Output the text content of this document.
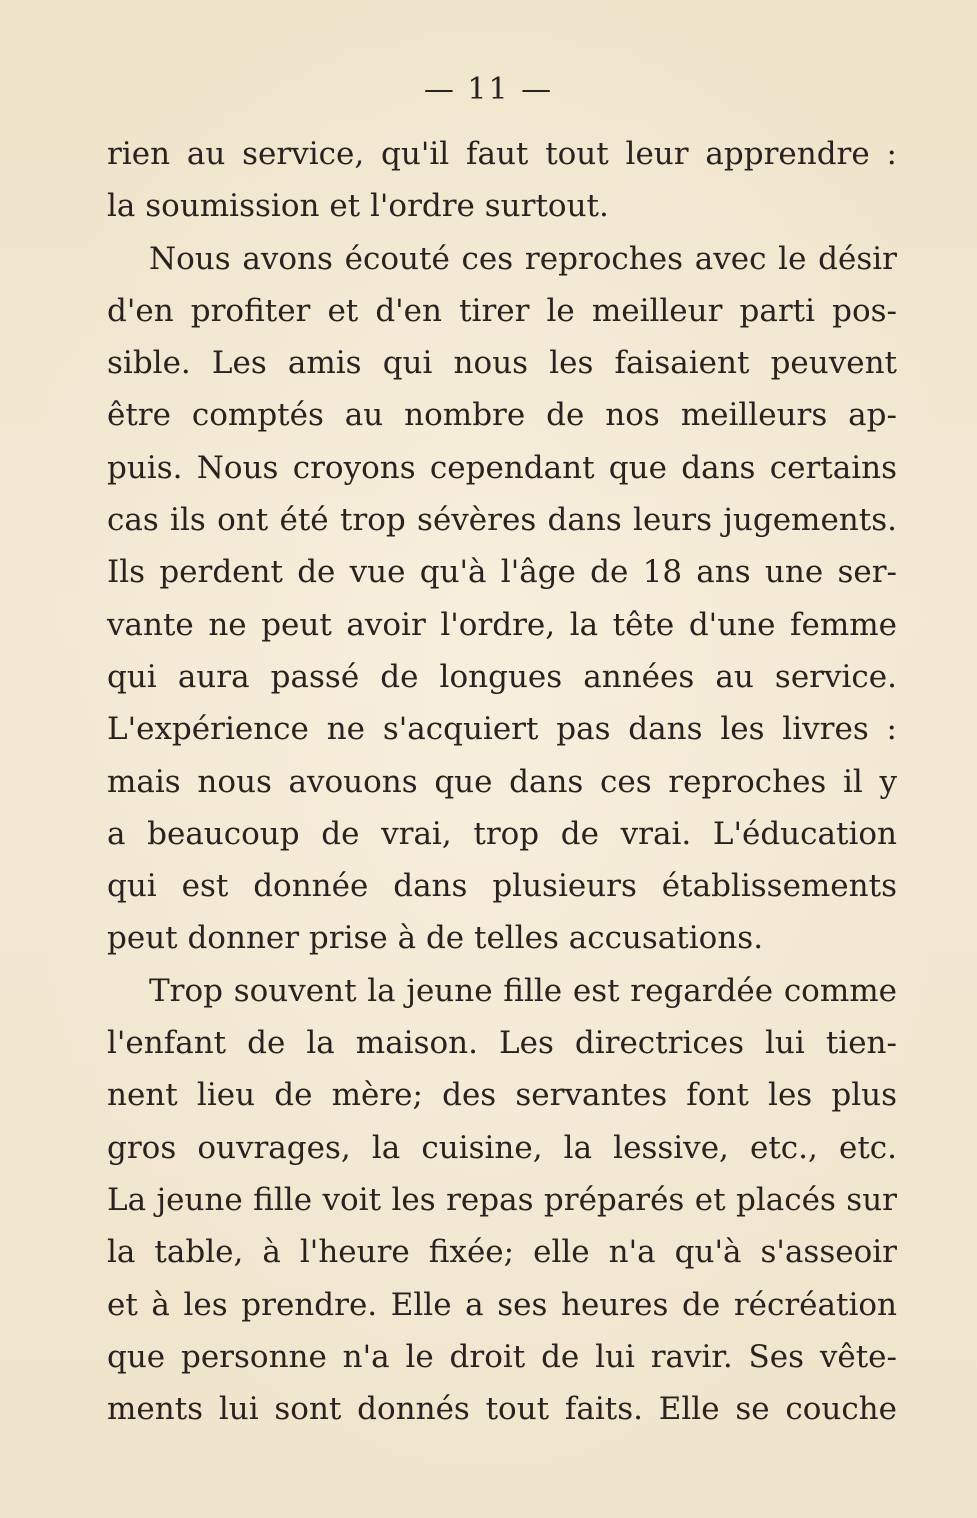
— 11 —
rien au service, qu'il faut tout leur apprendre :
la soumission et l'ordre surtout.
Nous avons écouté ces reproches avec le désir
d'en profiter et d'en tirer le meilleur parti pos-
sible. Les amis qui nous les faisaient peuvent
être comptés au nombre de nos meilleurs ap-
puis. Nous croyons cependant que dans certains
cas ils ont été trop sévères dans leurs jugements.
Ils perdent de vue qu'à l'âge de 18 ans une ser-
vante ne peut avoir l'ordre, la tête d'une femme
qui aura passé de longues années au service.
L'expérience ne s'acquiert pas dans les livres :
mais nous avouons que dans ces reproches il y
a beaucoup de vrai, trop de vrai. L'éducation
qui est donnée dans plusieurs établissements
peut donner prise à de telles accusations.
Trop souvent la jeune fille est regardée comme
l'enfant de la maison. Les directrices lui tien-
nent lieu de mère; des servantes font les plus
gros ouvrages, la cuisine, la lessive, etc., etc.
La jeune fille voit les repas préparés et placés sur
la table, à l'heure fixée; elle n'a qu'à s'asseoir
et à les prendre. Elle a ses heures de récréation
que personne n'a le droit de lui ravir. Ses vête-
ments lui sont donnés tout faits. Elle se couche
